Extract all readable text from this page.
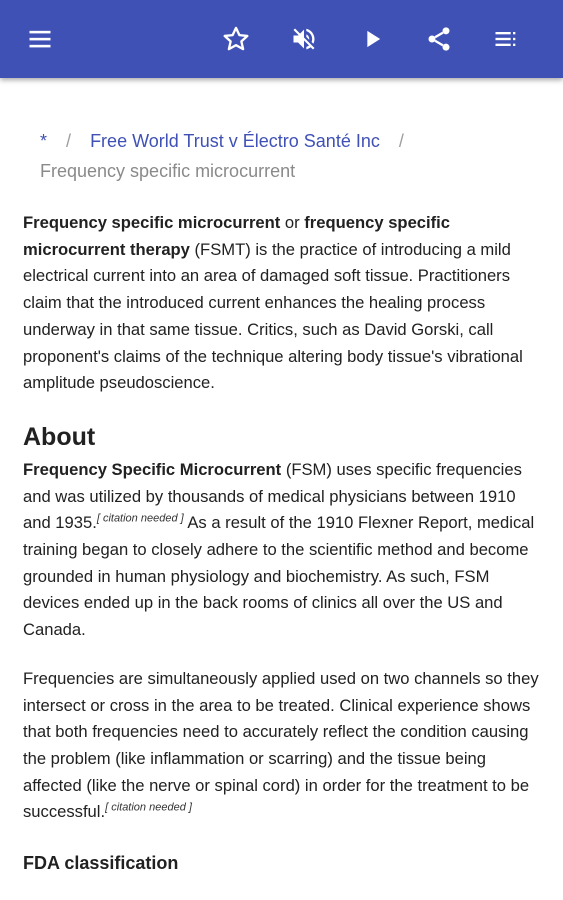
* / Free World Trust v Électro Santé Inc /
Frequency specific microcurrent

Frequency specific microcurrent or frequency specific microcurrent therapy (FSMT) is the practice of introducing a mild electrical current into an area of damaged soft tissue. Practitioners claim that the introduced current enhances the healing process underway in that same tissue. Critics, such as David Gorski, call proponent's claims of the technique altering body tissue's vibrational amplitude pseudoscience.

About

Frequency Specific Microcurrent (FSM) uses specific frequencies and was utilized by thousands of medical physicians between 1910 and 1935.[ citation needed ] As a result of the 1910 Flexner Report, medical training began to closely adhere to the scientific method and become grounded in human physiology and biochemistry. As such, FSM devices ended up in the back rooms of clinics all over the US and Canada.

Frequencies are simultaneously applied used on two channels so they intersect or cross in the area to be treated. Clinical experience shows that both frequencies need to accurately reflect the condition causing the problem (like inflammation or scarring) and the tissue being affected (like the nerve or spinal cord) in order for the treatment to be successful.[ citation needed ]

FDA classification
